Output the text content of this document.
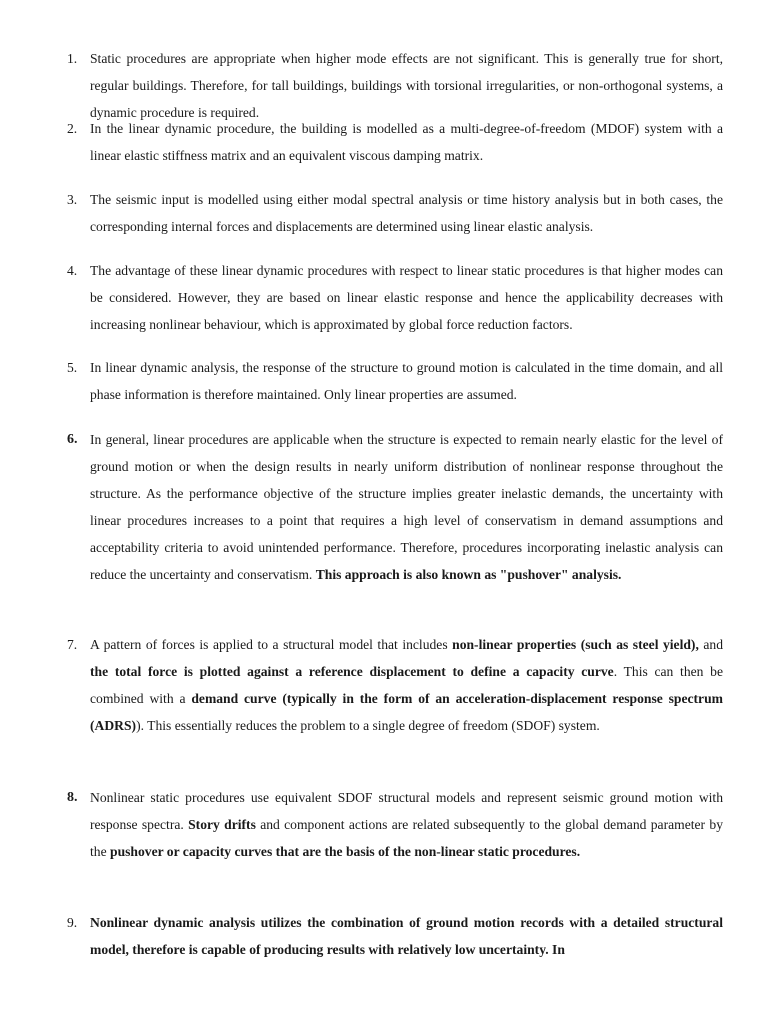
1. Static procedures are appropriate when higher mode effects are not significant. This is generally true for short, regular buildings. Therefore, for tall buildings, buildings with torsional irregularities, or non-orthogonal systems, a dynamic procedure is required.
2. In the linear dynamic procedure, the building is modelled as a multi-degree-of-freedom (MDOF) system with a linear elastic stiffness matrix and an equivalent viscous damping matrix.
3. The seismic input is modelled using either modal spectral analysis or time history analysis but in both cases, the corresponding internal forces and displacements are determined using linear elastic analysis.
4. The advantage of these linear dynamic procedures with respect to linear static procedures is that higher modes can be considered. However, they are based on linear elastic response and hence the applicability decreases with increasing nonlinear behaviour, which is approximated by global force reduction factors.
5. In linear dynamic analysis, the response of the structure to ground motion is calculated in the time domain, and all phase information is therefore maintained. Only linear properties are assumed.
6. In general, linear procedures are applicable when the structure is expected to remain nearly elastic for the level of ground motion or when the design results in nearly uniform distribution of nonlinear response throughout the structure. As the performance objective of the structure implies greater inelastic demands, the uncertainty with linear procedures increases to a point that requires a high level of conservatism in demand assumptions and acceptability criteria to avoid unintended performance. Therefore, procedures incorporating inelastic analysis can reduce the uncertainty and conservatism. This approach is also known as "pushover" analysis.
7. A pattern of forces is applied to a structural model that includes non-linear properties (such as steel yield), and the total force is plotted against a reference displacement to define a capacity curve. This can then be combined with a demand curve (typically in the form of an acceleration-displacement response spectrum (ADRS)). This essentially reduces the problem to a single degree of freedom (SDOF) system.
8. Nonlinear static procedures use equivalent SDOF structural models and represent seismic ground motion with response spectra. Story drifts and component actions are related subsequently to the global demand parameter by the pushover or capacity curves that are the basis of the non-linear static procedures.
9. Nonlinear dynamic analysis utilizes the combination of ground motion records with a detailed structural model, therefore is capable of producing results with relatively low uncertainty. In
